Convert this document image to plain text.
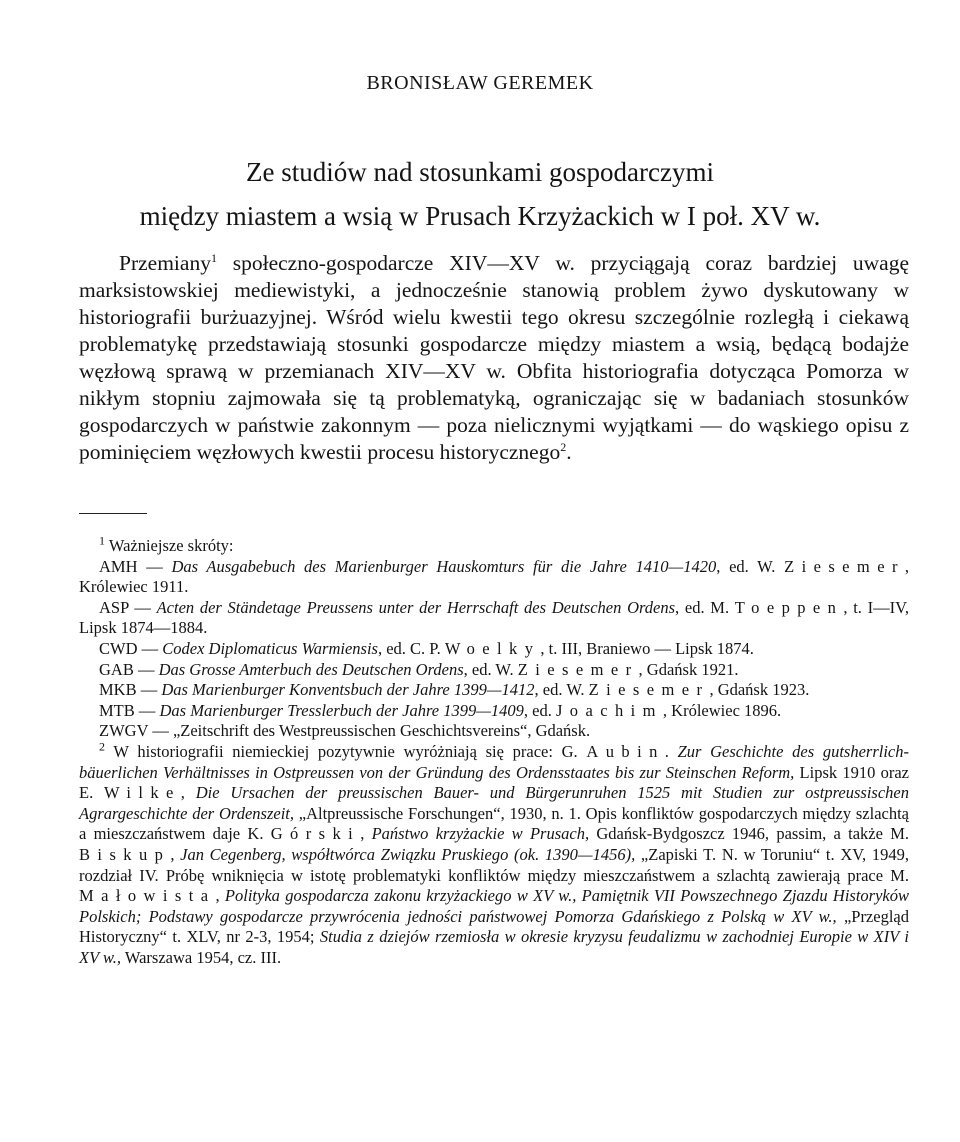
BRONISŁAW GEREMEK
Ze studiów nad stosunkami gospodarczymi
między miastem a wsią w Prusach Krzyżackich w I poł. XV w.

Przemiany$^1$ społeczno-gospodarcze XIV—XV w. przyciągają coraz bardziej uwagę marksistowskiej mediewistyki, a jednocześnie stanowią problem żywo dyskutowany w historiografii burżuazyjnej. Wśród wielu kwestii tego okresu szczególnie rozległą i ciekawą problematykę przedstawiają stosunki gospodarcze między miastem a wsią, będącą bodajże węzłową sprawą w przemianach XIV—XV w. Obfita historiografia dotycząca Pomorza w nikłym stopniu zajmowała się tą problematyką, ograniczając się w badaniach stosunków gospodarczych w państwie zakonnym — poza nielicznymi wyjątkami — do wąskiego opisu z pominięciem węzłowych kwestii procesu historycznego$^2$.

$^1$ Ważniejsze skróty:

AMH — Das Ausgabebuch des Marienburger Hauskomturs für die Jahre 1410—1420, ed. W. Ziesemer, Królewiec 1911.

ASP — Acten der Ständetage Preussens unter der Herrschaft des Deutschen Ordens, ed. M. Toeppen, t. I—IV, Lipsk 1874—1884.

CWD — Codex Diplomaticus Warmiensis, ed. C. P. Woelky, t. III, Braniewo — Lipsk 1874.

GAB — Das Grosse Amterbuch des Deutschen Ordens, ed. W. Ziesemer, Gdańsk 1921.

MKB — Das Marienburger Konventsbuch der Jahre 1399—1412, ed. W. Ziesemer, Gdańsk 1923.

MTB — Das Marienburger Tresslerbuch der Jahre 1399—1409, ed. Joachim, Królewiec 1896.

ZWGV — „Zeitschrift des Westpreussischen Geschichtsvereins“, Gdańsk.

$^2$ W historiografii niemieckiej pozytywnie wyróżniają się prace: G. Aubin. Zur Geschichte des gutsherrlich-bäuerlichen Verhältnisses in Ostpreussen von der Gründung des Ordensstaates bis zur Steinschen Reform, Lipsk 1910 oraz E. Wilke, Die Ursachen der preussischen Bauer- und Bürgerunruhen 1525 mit Studien zur ostpreussischen Agrargeschichte der Ordenszeit, „Altpreussische Forschungen“, 1930, n. 1. Opis konfliktów gospodarczych między szlachtą a mieszczaństwem daje K. Górski, Państwo krzyżackie w Prusach, Gdańsk-Bydgoszcz 1946, passim, a także M. Biskup, Jan Cegenberg, współtwórca Związku Pruskiego (ok. 1390—1456), „Zapiski T. N. w Toruniu“ t. XV, 1949, rozdział IV. Próbę wniknięcia w istotę problematyki konfliktów między mieszczaństwem a szlachtą zawierają prace M. Małowista, Polityka gospodarcza zakonu krzyżackiego w XV w., Pamiętnik VII Powszechnego Zjazdu Historyków Polskich; Podstawy gospodarcze przywrócenia jedności państwowej Pomorza Gdańskiego z Polską w XV w., „Przegląd Historyczny“ t. XLV, nr 2-3, 1954; Studia z dziejów rzemiosła w okresie kryzysu feudalizmu w zachodniej Europie w XIV i XV w., Warszawa 1954, cz. III.
